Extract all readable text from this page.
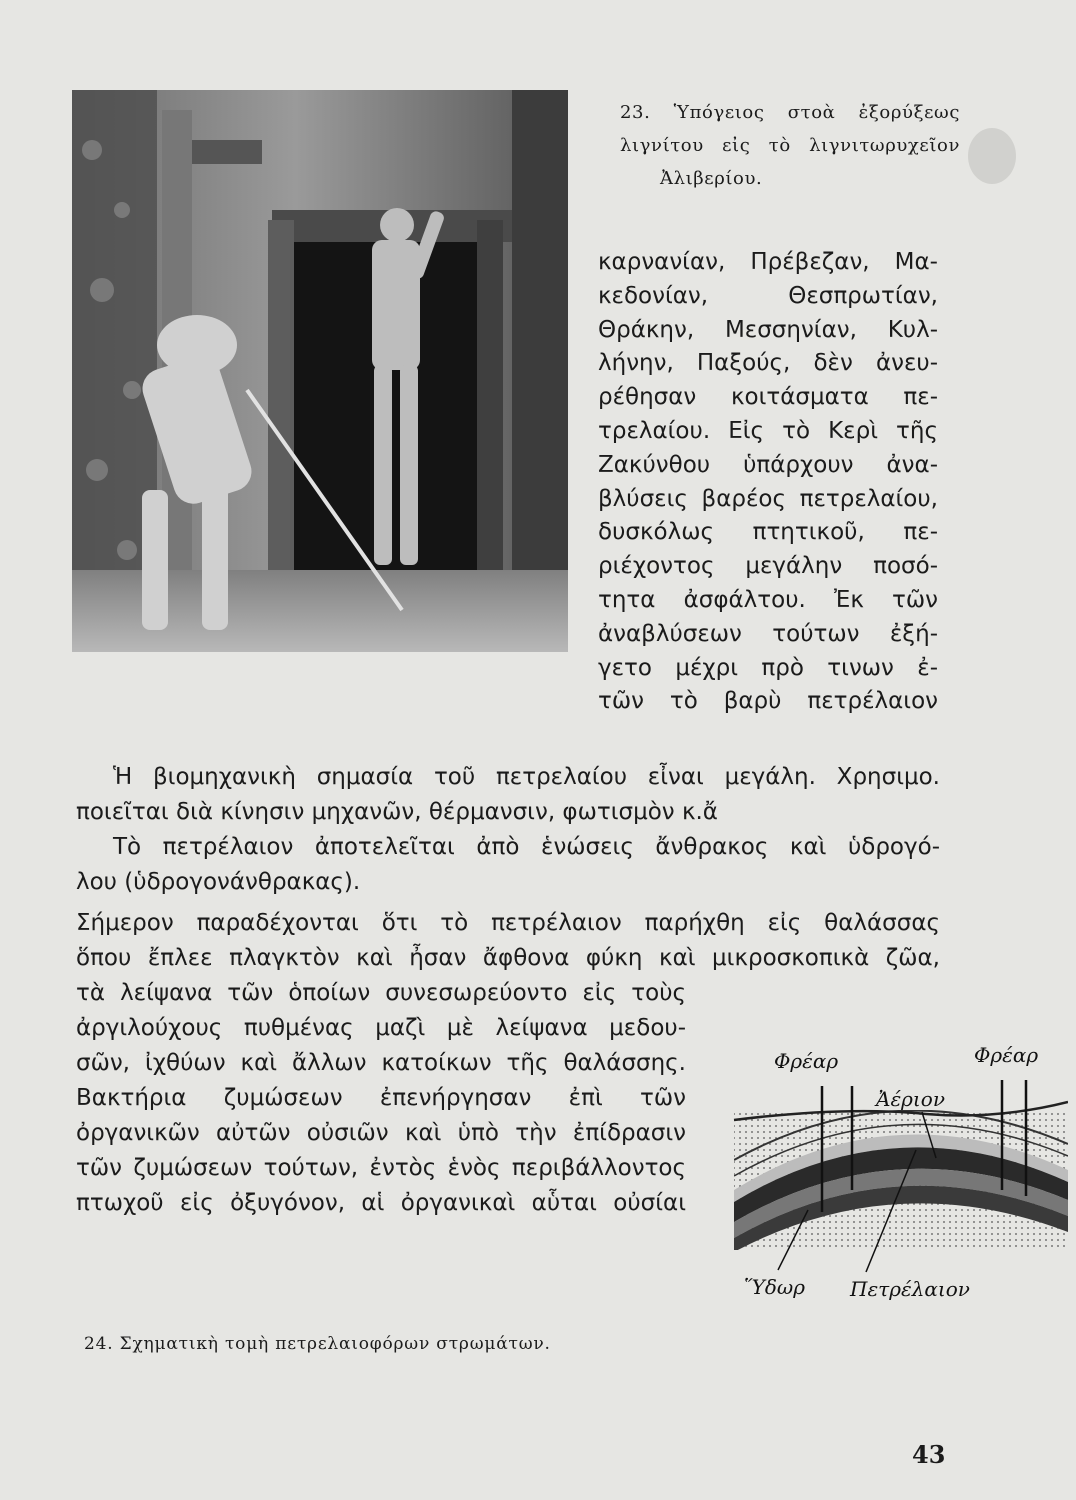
23. Ὑπόγειος στοὰ ἐξορύξεως
λιγνίτου εἰς τὸ λιγνιτωρυχεῖον
Ἀλιβερίου.
καρνανίαν, Πρέβεζαν, Μα-
κεδονίαν, Θεσπρωτίαν,
Θράκην, Μεσσηνίαν, Κυλ-
λήνην, Παξούς, δὲν ἀνευ-
ρέθησαν κοιτάσματα πε-
τρελαίου. Εἰς τὸ Κερὶ τῆς
Ζακύνθου ὑπάρχουν ἀνα-
βλύσεις βαρέος πετρελαίου,
δυσκόλως πτητικοῦ, πε-
ριέχοντος μεγάλην ποσό-
τητα ἀσφάλτου. Ἐκ τῶν
ἀναβλύσεων τούτων ἐξή-
γετο μέχρι πρὸ τινων ἐ-
τῶν τὸ βαρὺ πετρέλαιον
Ἡ βιομηχανικὴ σημασία τοῦ πετρελαίου εἶναι μεγάλη. Χρησιμο.
ποιεῖται διὰ κίνησιν μηχανῶν, θέρμανσιν, φωτισμὸν κ.ἄ
Τὸ πετρέλαιον ἀποτελεῖται ἀπὸ ἑνώσεις ἄνθρακος καὶ ὑδρογό-
λου (ὑδρογονάνθρακας).
Σήμερον παραδέχονται ὅτι τὸ πετρέλαιον παρήχθη εἰς θαλάσσας
ὅπου ἔπλεε πλαγκτὸν καὶ ἦσαν ἄφθονα φύκη καὶ μικροσκοπικὰ ζῶα,
τὰ λείψανα τῶν ὁποίων συνεσωρεύοντο εἰς τοὺς
ἀργιλούχους πυθμένας μαζὶ μὲ λείψανα μεδου-
σῶν, ἰχθύων καὶ ἄλλων κατοίκων τῆς θαλάσσης.
Βακτήρια ζυμώσεων ἐπενήργησαν ἐπὶ τῶν
ὀργανικῶν αὐτῶν οὐσιῶν καὶ ὑπὸ τὴν ἐπίδρασιν
τῶν ζυμώσεων τούτων, ἐντὸς ἑνὸς περιβάλλοντος
πτωχοῦ εἰς ὀξυγόνον, αἱ ὀργανικαὶ αὗται οὐσίαι
Φρέαρ	Φρέαρ
Ἀέριον
Ὕδωρ Πετρέλαιον
24. Σχηματικὴ τομὴ πετρελαιοφόρων στρωμάτων.
43
